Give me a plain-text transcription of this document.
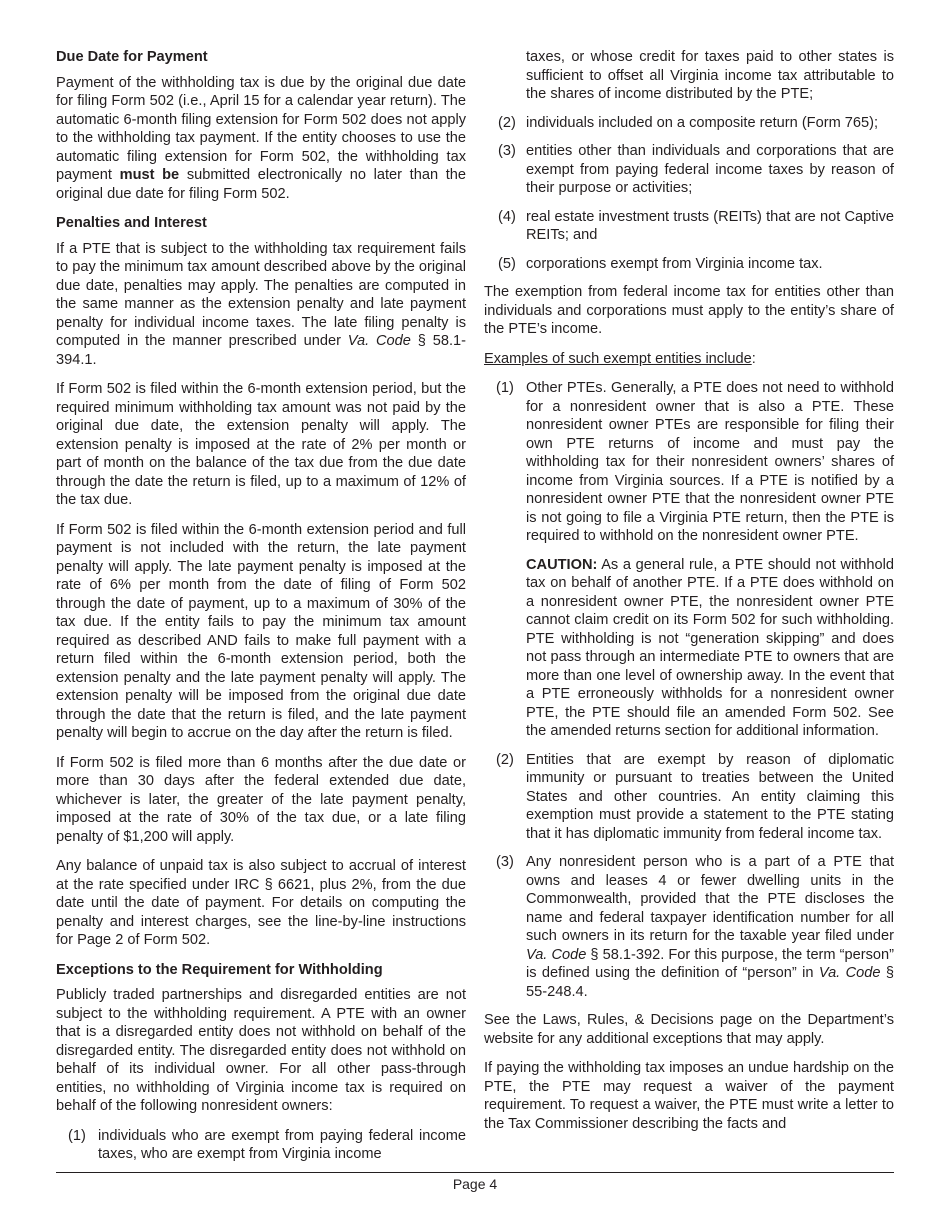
Due Date for Payment

Payment of the withholding tax is due by the original due date for filing Form 502 (i.e., April 15 for a calendar year return). The automatic 6-month filing extension for Form 502 does not apply to the withholding tax payment. If the entity chooses to use the automatic filing extension for Form 502, the withholding tax payment must be submitted electronically no later than the original due date for filing Form 502.

Penalties and Interest

If a PTE that is subject to the withholding tax requirement fails to pay the minimum tax amount described above by the original due date, penalties may apply. The penalties are computed in the same manner as the extension penalty and late payment penalty for individual income taxes. The late filing penalty is computed in the manner prescribed under Va. Code § 58.1-394.1.

If Form 502 is filed within the 6-month extension period, but the required minimum withholding tax amount was not paid by the original due date, the extension penalty will apply. The extension penalty is imposed at the rate of 2% per month or part of month on the balance of the tax due from the due date through the date the return is filed, up to a maximum of 12% of the tax due.

If Form 502 is filed within the 6-month extension period and full payment is not included with the return, the late payment penalty will apply. The late payment penalty is imposed at the rate of 6% per month from the date of filing of Form 502 through the date of payment, up to a maximum of 30% of the tax due. If the entity fails to pay the minimum tax amount required as described AND fails to make full payment with a return filed within the 6-month extension period, both the extension penalty and the late payment penalty will apply. The extension penalty will be imposed from the original due date through the date that the return is filed, and the late payment penalty will begin to accrue on the day after the return is filed.

If Form 502 is filed more than 6 months after the due date or more than 30 days after the federal extended due date, whichever is later, the greater of the late payment penalty, imposed at the rate of 30% of the tax due, or a late filing penalty of $1,200 will apply.

Any balance of unpaid tax is also subject to accrual of interest at the rate specified under IRC § 6621, plus 2%, from the due date until the date of payment. For details on computing the penalty and interest charges, see the line-by-line instructions for Page 2 of Form 502.

Exceptions to the Requirement for Withholding

Publicly traded partnerships and disregarded entities are not subject to the withholding requirement. A PTE with an owner that is a disregarded entity does not withhold on behalf of the disregarded entity. The disregarded entity does not withhold on behalf of its individual owner. For all other pass-through entities, no withholding of Virginia income tax is required on behalf of the following nonresident owners:

(1) individuals who are exempt from paying federal income taxes, who are exempt from Virginia income
taxes, or whose credit for taxes paid to other states is sufficient to offset all Virginia income tax attributable to the shares of income distributed by the PTE;
(2) individuals included on a composite return (Form 765);
(3) entities other than individuals and corporations that are exempt from paying federal income taxes by reason of their purpose or activities;
(4) real estate investment trusts (REITs) that are not Captive REITs; and
(5) corporations exempt from Virginia income tax.

The exemption from federal income tax for entities other than individuals and corporations must apply to the entity’s share of the PTE’s income.

Examples of such exempt entities include:

(1) Other PTEs. Generally, a PTE does not need to withhold for a nonresident owner that is also a PTE. These nonresident owner PTEs are responsible for filing their own PTE returns of income and must pay the withholding tax for their nonresident owners’ shares of income from Virginia sources. If a PTE is notified by a nonresident owner PTE that the nonresident owner PTE is not going to file a Virginia PTE return, then the PTE is required to withhold on the nonresident owner PTE.
CAUTION: As a general rule, a PTE should not withhold tax on behalf of another PTE. If a PTE does withhold on a nonresident owner PTE, the nonresident owner PTE cannot claim credit on its Form 502 for such withholding. PTE withholding is not “generation skipping” and does not pass through an intermediate PTE to owners that are more than one level of ownership away. In the event that a PTE erroneously withholds for a nonresident owner PTE, the PTE should file an amended Form 502. See the amended returns section for additional information.
(2) Entities that are exempt by reason of diplomatic immunity or pursuant to treaties between the United States and other countries. An entity claiming this exemption must provide a statement to the PTE stating that it has diplomatic immunity from federal income tax.
(3) Any nonresident person who is a part of a PTE that owns and leases 4 or fewer dwelling units in the Commonwealth, provided that the PTE discloses the name and federal taxpayer identification number for all such owners in its return for the taxable year filed under Va. Code § 58.1-392. For this purpose, the term “person” is defined using the definition of “person” in Va. Code § 55-248.4.

See the Laws, Rules, & Decisions page on the Department’s website for any additional exceptions that may apply.

If paying the withholding tax imposes an undue hardship on the PTE, the PTE may request a waiver of the payment requirement. To request a waiver, the PTE must write a letter to the Tax Commissioner describing the facts and

Page 4
